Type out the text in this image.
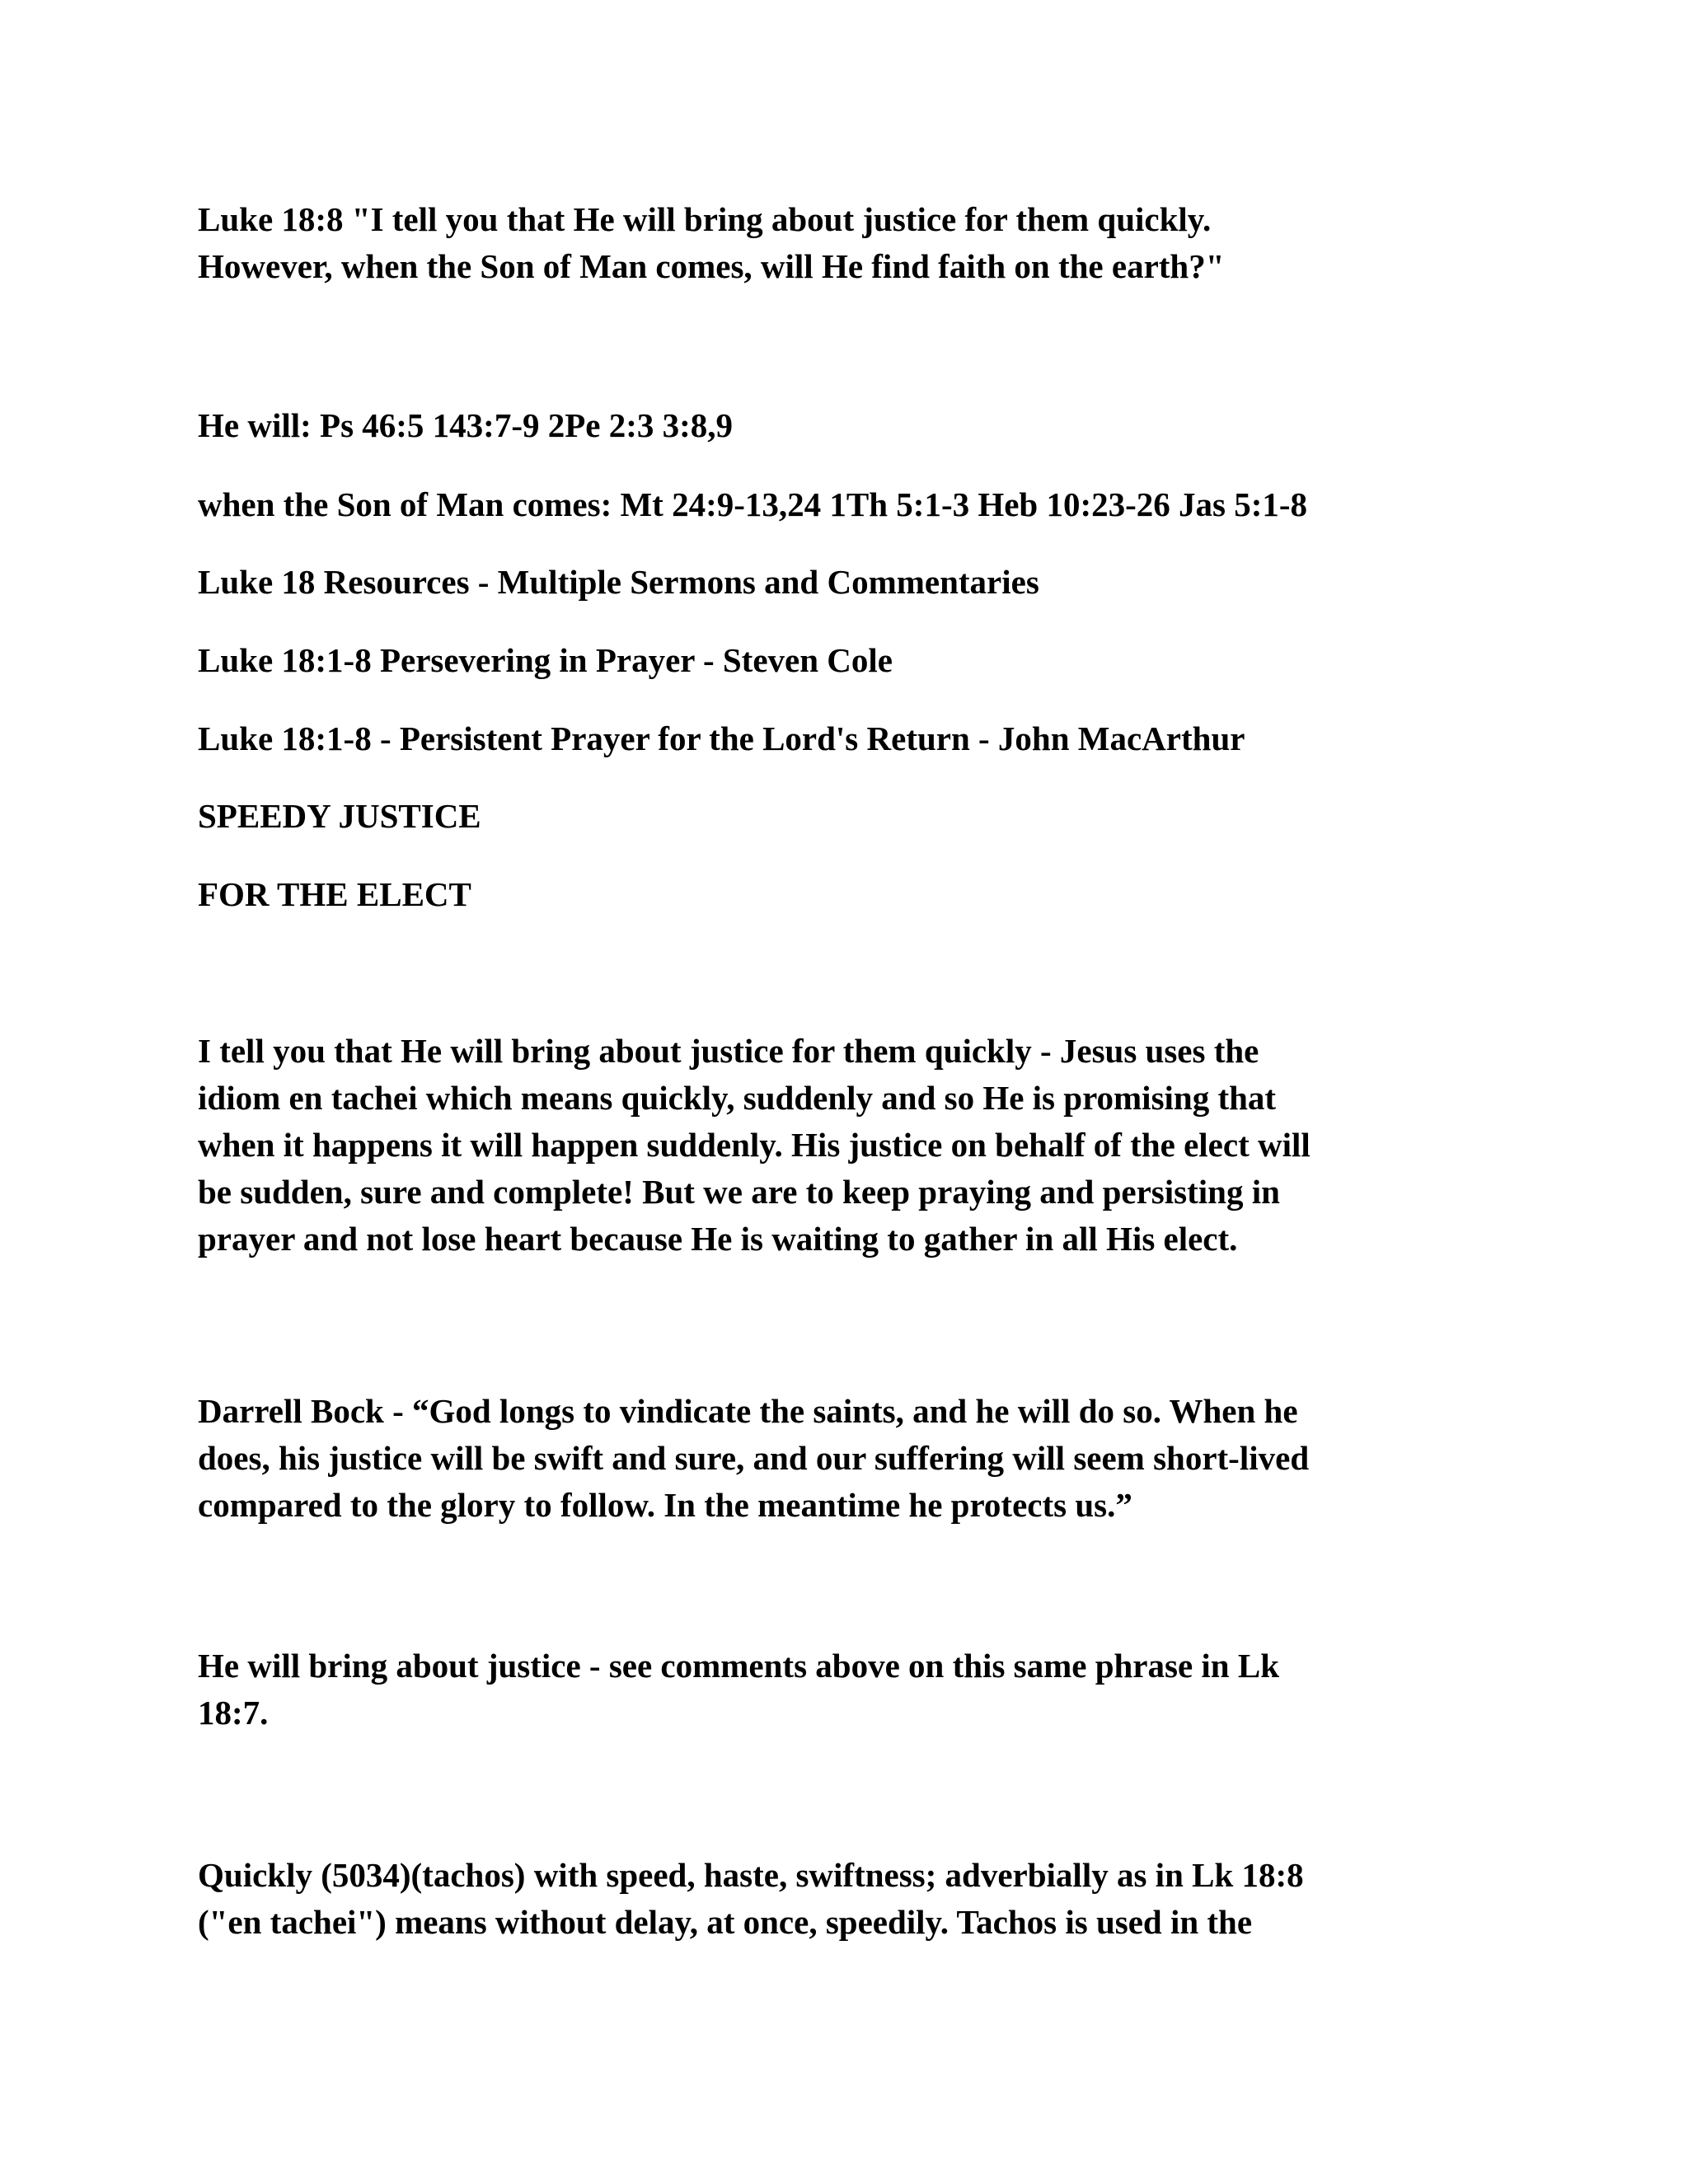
Luke 18:8 "I tell you that He will bring about justice for them quickly.
However, when the Son of Man comes, will He find faith on the earth?"

He will: Ps 46:5 143:7-9 2Pe 2:3 3:8,9

when the Son of Man comes: Mt 24:9-13,24 1Th 5:1-3 Heb 10:23-26 Jas 5:1-8

Luke 18 Resources - Multiple Sermons and Commentaries

Luke 18:1-8 Persevering in Prayer - Steven Cole

Luke 18:1-8 - Persistent Prayer for the Lord's Return - John MacArthur

SPEEDY JUSTICE

FOR THE ELECT

I tell you that He will bring about justice for them quickly - Jesus uses the
idiom en tachei which means quickly, suddenly and so He is promising that
when it happens it will happen suddenly. His justice on behalf of the elect will
be sudden, sure and complete! But we are to keep praying and persisting in
prayer and not lose heart because He is waiting to gather in all His elect.

Darrell Bock - “God longs to vindicate the saints, and he will do so. When he
does, his justice will be swift and sure, and our suffering will seem short-lived
compared to the glory to follow. In the meantime he protects us.”

He will bring about justice - see comments above on this same phrase in Lk
18:7.

Quickly (5034)(tachos) with speed, haste, swiftness; adverbially as in Lk 18:8
("en tachei") means without delay, at once, speedily. Tachos is used in the
